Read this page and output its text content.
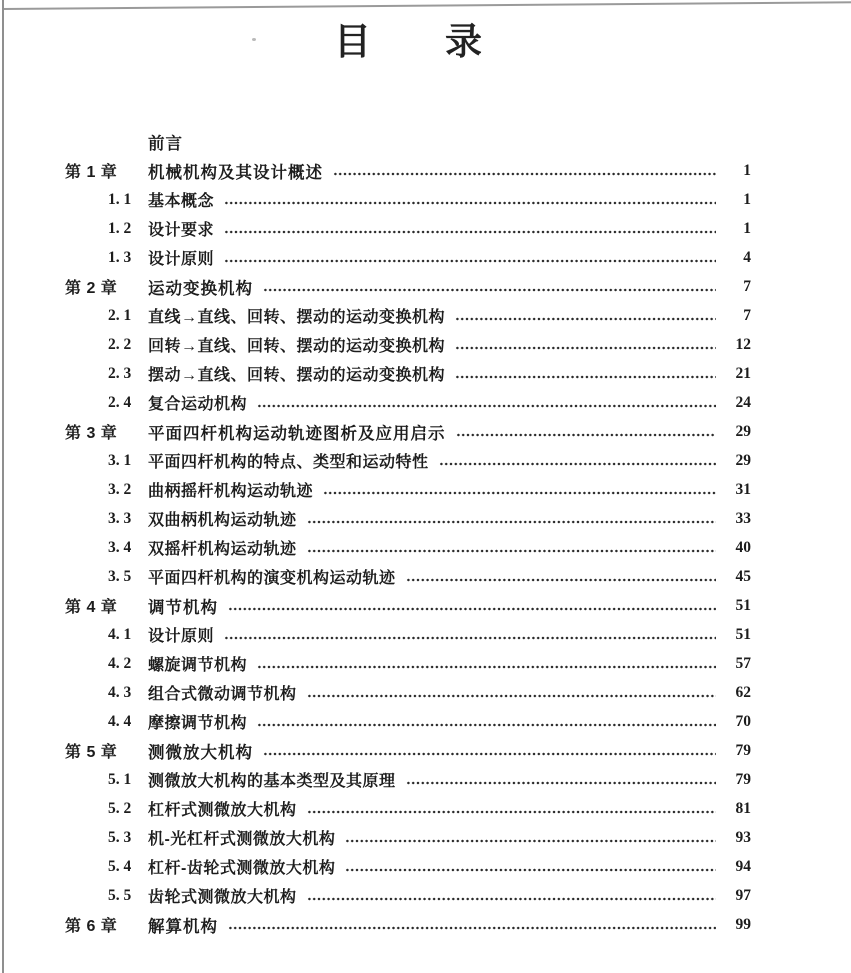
目 录
前言
第 1 章	机械机构及其设计概述	1
1. 1	基本概念	1
1. 2	设计要求	1
1. 3	设计原则	4
第 2 章	运动变换机构	7
2. 1	直线→直线、回转、摆动的运动变换机构	7
2. 2	回转→直线、回转、摆动的运动变换机构	12
2. 3	摆动→直线、回转、摆动的运动变换机构	21
2. 4	复合运动机构	24
第 3 章	平面四杆机构运动轨迹图析及应用启示	29
3. 1	平面四杆机构的特点、类型和运动特性	29
3. 2	曲柄摇杆机构运动轨迹	31
3. 3	双曲柄机构运动轨迹	33
3. 4	双摇杆机构运动轨迹	40
3. 5	平面四杆机构的演变机构运动轨迹	45
第 4 章	调节机构	51
4. 1	设计原则	51
4. 2	螺旋调节机构	57
4. 3	组合式微动调节机构	62
4. 4	摩擦调节机构	70
第 5 章	测微放大机构	79
5. 1	测微放大机构的基本类型及其原理	79
5. 2	杠杆式测微放大机构	81
5. 3	机-光杠杆式测微放大机构	93
5. 4	杠杆-齿轮式测微放大机构	94
5. 5	齿轮式测微放大机构	97
第 6 章	解算机构	99
